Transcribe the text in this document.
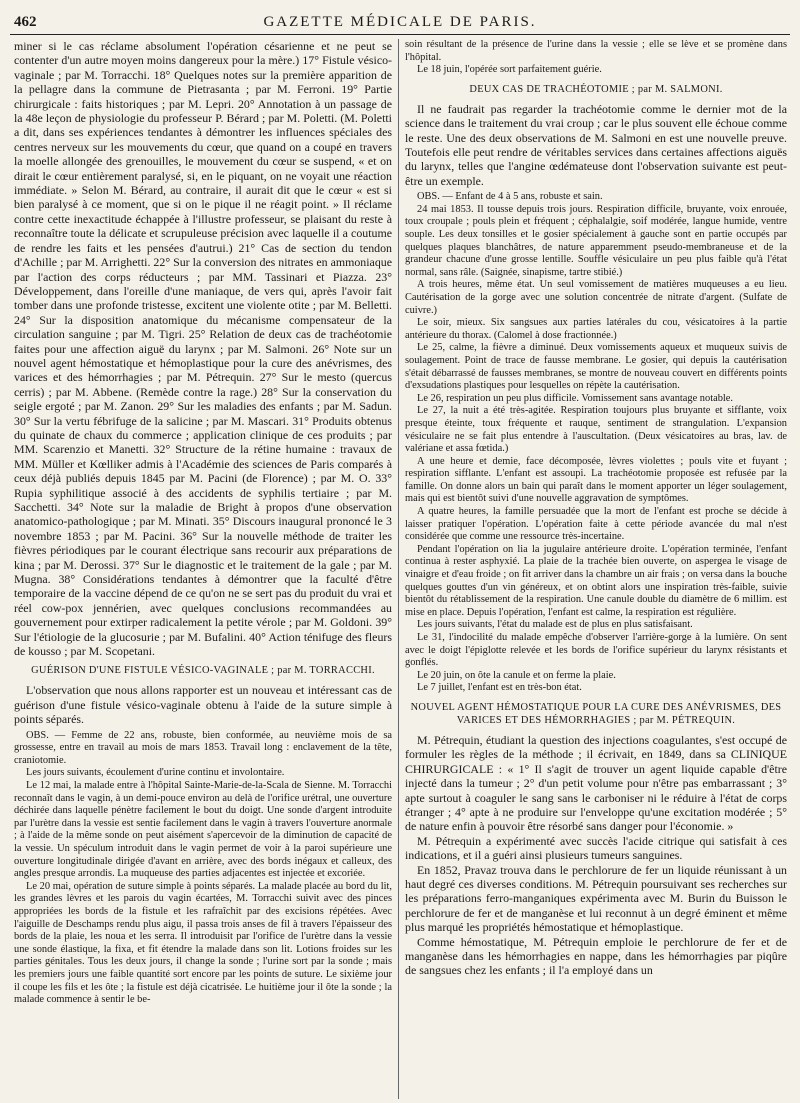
462	GAZETTE MÉDICALE DE PARIS.

miner si le cas réclame absolument l'opération césarienne et ne peut se contenter d'un autre moyen moins dangereux pour la mère.) 17° Fistule vésico-vaginale ; par M. Torracchi. 18° Quelques notes sur la première apparition de la pellagre dans la commune de Pietrasanta ; par M. Ferroni. 19° Partie chirurgicale : faits historiques ; par M. Lepri. 20° Annotation à un passage de la 48e leçon de physiologie du professeur P. Bérard ; par M. Poletti. (M. Poletti a dit, dans ses expériences tendantes à démontrer les influences spéciales des centres nerveux sur les mouvements du cœur, que quand on a coupé en travers la moelle allongée des grenouilles, le mouvement du cœur se suspend, « et on dirait le cœur entièrement paralysé, si, en le piquant, on ne voyait une réaction immédiate. » Selon M. Bérard, au contraire, il aurait dit que le cœur « est si bien paralysé à ce moment, que si on le pique il ne réagit point. » Il réclame contre cette inexactitude échappée à l'illustre professeur, se plaisant du reste à reconnaître toute la délicate et scrupuleuse précision avec laquelle il a coutume de rendre les faits et les pensées d'autrui.) 21° Cas de section du tendon d'Achille ; par M. Arrighetti. 22° Sur la conversion des nitrates en ammoniaque par l'action des corps réducteurs ; par MM. Tassinari et Piazza. 23° Développement, dans l'oreille d'une maniaque, de vers qui, après l'avoir fait tomber dans une profonde tristesse, excitent une violente otite ; par M. Belletti. 24° Sur la disposition anatomique du mécanisme compensateur de la circulation sanguine ; par M. Tigri. 25° Relation de deux cas de trachéotomie faites pour une affection aiguë du larynx ; par M. Salmoni. 26° Note sur un nouvel agent hémostatique et hémoplastique pour la cure des anévrismes, des varices et des hémorrhagies ; par M. Pétrequin. 27° Sur le mesto (quercus cerris) ; par M. Abbene. (Remède contre la rage.) 28° Sur la conservation du seigle ergoté ; par M. Zanon. 29° Sur les maladies des enfants ; par M. Sadun. 30° Sur la vertu fébrifuge de la salicine ; par M. Mascari. 31° Produits obtenus du quinate de chaux du commerce ; application clinique de ces produits ; par MM. Scarenzio et Manetti. 32° Structure de la rétine humaine : travaux de MM. Müller et Kœlliker admis à l'Académie des sciences de Paris comparés à ceux déjà publiés depuis 1845 par M. Pacini (de Florence) ; par M. O. 33° Rupia syphilitique associé à des accidents de syphilis tertiaire ; par M. Sacchetti. 34° Note sur la maladie de Bright à propos d'une observation anatomico-pathologique ; par M. Minati. 35° Discours inaugural prononcé le 3 novembre 1853 ; par M. Pacini. 36° Sur la nouvelle méthode de traiter les fièvres périodiques par le courant électrique sans recourir aux préparations de kina ; par M. Derossi. 37° Sur le diagnostic et le traitement de la gale ; par M. Mugna. 38° Considérations tendantes à démontrer que la faculté d'être temporaire de la vaccine dépend de ce qu'on ne se sert pas du produit du vrai et réel cow-pox jennérien, avec quelques conclusions recommandées au gouvernement pour extirper radicalement la petite vérole ; par M. Goldoni. 39° Sur l'étiologie de la glucosurie ; par M. Bufalini. 40° Action ténifuge des fleurs de kousso ; par M. Scopetani.

GUÉRISON D'UNE FISTULE VÉSICO-VAGINALE ; par M. TORRACCHI.

L'observation que nous allons rapporter est un nouveau et intéressant cas de guérison d'une fistule vésico-vaginale obtenu à l'aide de la suture simple à points séparés.

OBS. — Femme de 22 ans, robuste, bien conformée, au neuvième mois de sa grossesse, entre en travail au mois de mars 1853. Travail long : enclavement de la tête, craniotomie.

Les jours suivants, écoulement d'urine continu et involontaire.

Le 12 mai, la malade entre à l'hôpital Sainte-Marie-de-la-Scala de Sienne. M. Torracchi reconnaît dans le vagin, à un demi-pouce environ au delà de l'orifice urétral, une ouverture déchirée dans laquelle pénètre facilement le bout du doigt. Une sonde d'argent introduite par l'urètre dans la vessie est sentie facilement dans le vagin à travers l'ouverture anormale ; à l'aide de la même sonde on peut aisément s'apercevoir de la diminution de capacité de la vessie. Un spéculum introduit dans le vagin permet de voir à la paroi supérieure une ouverture longitudinale dirigée d'avant en arrière, avec des bords inégaux et calleux, des angles presque arrondis. La muqueuse des parties adjacentes est injectée et excoriée.

Le 20 mai, opération de suture simple à points séparés. La malade placée au bord du lit, les grandes lèvres et les parois du vagin écartées, M. Torracchi suivit avec des pinces appropriées les bords de la fistule et les rafraîchit par des excisions répétées. Avec l'aiguille de Deschamps rendu plus aigu, il passa trois anses de fil à travers l'épaisseur des bords de la plaie, les noua et les serra. Il introduisit par l'orifice de l'urètre dans la vessie une sonde élastique, la fixa, et fit étendre la malade dans son lit. Lotions froides sur les parties génitales. Tous les deux jours, il change la sonde ; l'urine sort par la sonde ; mais les premiers jours une faible quantité sort encore par les points de suture. Le sixième jour il coupe les fils et les ôte ; la fistule est déjà cicatrisée. Le huitième jour il ôte la sonde ; la malade commence à sentir le be-

soin résultant de la présence de l'urine dans la vessie ; elle se lève et se promène dans l'hôpital.

Le 18 juin, l'opérée sort parfaitement guérie.

DEUX CAS DE TRACHÉOTOMIE ; par M. SALMONI.

Il ne faudrait pas regarder la trachéotomie comme le dernier mot de la science dans le traitement du vrai croup ; car le plus souvent elle échoue comme le reste. Une des deux observations de M. Salmoni en est une nouvelle preuve. Toutefois elle peut rendre de véritables services dans certaines affections aiguës du larynx, telles que l'angine œdémateuse dont l'observation suivante est peut-être un exemple.

OBS. — Enfant de 4 à 5 ans, robuste et sain.

24 mai 1853. Il tousse depuis trois jours. Respiration difficile, bruyante, voix enrouée, toux croupale ; pouls plein et fréquent ; céphalalgie, soif modérée, langue humide, ventre souple. Les deux tonsilles et le gosier spécialement à gauche sont en partie occupés par quelques plaques blanchâtres, de nature apparemment pseudo-membraneuse et de la grandeur chacune d'une grosse lentille. Souffle vésiculaire un peu plus faible qu'à l'état normal, sans râle. (Saignée, sinapisme, tartre stibié.)

A trois heures, même état. Un seul vomissement de matières muqueuses a eu lieu. Cautérisation de la gorge avec une solution concentrée de nitrate d'argent. (Sulfate de cuivre.)

Le soir, mieux. Six sangsues aux parties latérales du cou, vésicatoires à la partie antérieure du thorax. (Calomel à dose fractionnée.)

Le 25, calme, la fièvre a diminué. Deux vomissements aqueux et muqueux suivis de soulagement. Point de trace de fausse membrane. Le gosier, qui depuis la cautérisation s'était débarrassé de fausses membranes, se montre de nouveau couvert en différents points d'exsudations plastiques pour lesquelles on répète la cautérisation.

Le 26, respiration un peu plus difficile. Vomissement sans avantage notable.

Le 27, la nuit a été très-agitée. Respiration toujours plus bruyante et sifflante, voix presque éteinte, toux fréquente et rauque, sentiment de strangulation. L'expansion vésiculaire ne se fait plus entendre à l'auscultation. (Deux vésicatoires au bras, lav. de valériane et assa fœtida.)

A une heure et demie, face décomposée, lèvres violettes ; pouls vite et fuyant ; respiration sifflante. L'enfant est assoupi. La trachéotomie proposée est refusée par la famille. On donne alors un bain qui paraît dans le moment apporter un léger soulagement, mais qui est bientôt suivi d'une nouvelle aggravation de symptômes.

A quatre heures, la famille persuadée que la mort de l'enfant est proche se décide à laisser pratiquer l'opération. L'opération faite à cette période avancée du mal n'est considérée que comme une ressource très-incertaine.

Pendant l'opération on lia la jugulaire antérieure droite. L'opération terminée, l'enfant continua à rester asphyxié. La plaie de la trachée bien ouverte, on aspergea le visage de vinaigre et d'eau froide ; on fit arriver dans la chambre un air frais ; on versa dans la bouche quelques gouttes d'un vin généreux, et on obtint alors une inspiration très-faible, suivie bientôt du rétablissement de la respiration. Une canule double du diamètre de 6 millim. est mise en place. Depuis l'opération, l'enfant est calme, la respiration est régulière.

Les jours suivants, l'état du malade est de plus en plus satisfaisant.

Le 31, l'indocilité du malade empêche d'observer l'arrière-gorge à la lumière. On sent avec le doigt l'épiglotte relevée et les bords de l'orifice supérieur du larynx résistants et gonflés.

Le 20 juin, on ôte la canule et on ferme la plaie.

Le 7 juillet, l'enfant est en très-bon état.

NOUVEL AGENT HÉMOSTATIQUE POUR LA CURE DES ANÉVRISMES, DES VARICES ET DES HÉMORRHAGIES ; par M. PÉTREQUIN.

M. Pétrequin, étudiant la question des injections coagulantes, s'est occupé de formuler les règles de la méthode ; il écrivait, en 1849, dans sa CLINIQUE CHIRURGICALE : « 1° Il s'agit de trouver un agent liquide capable d'être injecté dans la tumeur ; 2° d'un petit volume pour n'être pas embarrassant ; 3° apte surtout à coaguler le sang sans le carboniser ni le réduire à l'état de corps étranger ; 4° apte à ne produire sur l'enveloppe qu'une excitation modérée ; 5° de nature enfin à pouvoir être résorbé sans danger pour l'économie. »

M. Pétrequin a expérimenté avec succès l'acide citrique qui satisfait à ces indications, et il a guéri ainsi plusieurs tumeurs sanguines.

En 1852, Pravaz trouva dans le perchlorure de fer un liquide réunissant à un haut degré ces diverses conditions. M. Pétrequin poursuivant ses recherches sur les préparations ferro-manganiques expérimenta avec M. Burin du Buisson le perchlorure de fer et de manganèse et lui reconnut à un degré éminent et même plus marqué les propriétés hémostatique et hémoplastique.

Comme hémostatique, M. Pétrequin emploie le perchlorure de fer et de manganèse dans les hémorrhagies en nappe, dans les hémorrhagies par piqûre de sangsues chez les enfants ; il l'a employé dans un
